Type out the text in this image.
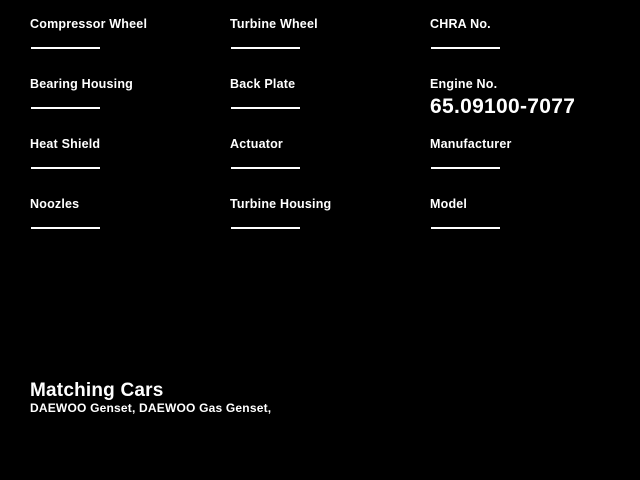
Compressor Wheel	Turbine Wheel	CHRA No.
Bearing Housing	Back Plate	Engine No.
65.09100-7077
Heat Shield	Actuator	Manufacturer
Noozles	Turbine Housing	Model
Matching Cars
DAEWOO Genset, DAEWOO Gas Genset,
